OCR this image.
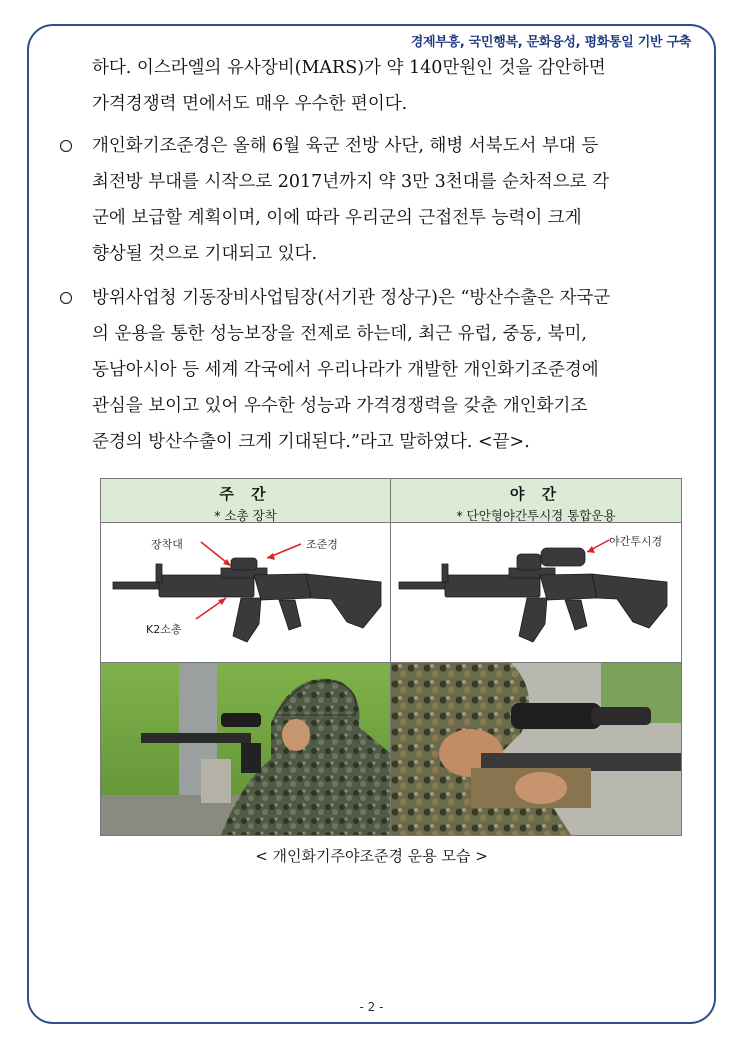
경제부흥, 국민행복, 문화융성, 평화통일 기반 구축
하다. 이스라엘의 유사장비(MARS)가 약 140만원인 것을 감안하면
가격경쟁력 면에서도 매우 우수한 편이다.
개인화기조준경은 올해 6월 육군 전방 사단, 해병 서북도서 부대 등
최전방 부대를 시작으로 2017년까지 약 3만 3천대를 순차적으로 각
군에 보급할 계획이며, 이에 따라 우리군의 근접전투 능력이 크게
향상될 것으로 기대되고 있다.
방위사업청 기동장비사업팀장(서기관 정상구)은 “방산수출은 자국군
의 운용을 통한 성능보장을 전제로 하는데, 최근 유럽, 중동, 북미,
동남아시아 등 세계 각국에서 우리나라가 개발한 개인화기조준경에
관심을 보이고 있어 우수한 성능과 가격경쟁력을 갖춘 개인화기조
준경의 방산수출이 크게 기대된다.”라고 말하였다. <끝>.
주 간
* 소총 장착
야 간
* 단안형야간투시경 통합운용
장착대	조준경
K2소총
야간투시경
< 개인화기주야조준경 운용 모습 >
- 2 -
